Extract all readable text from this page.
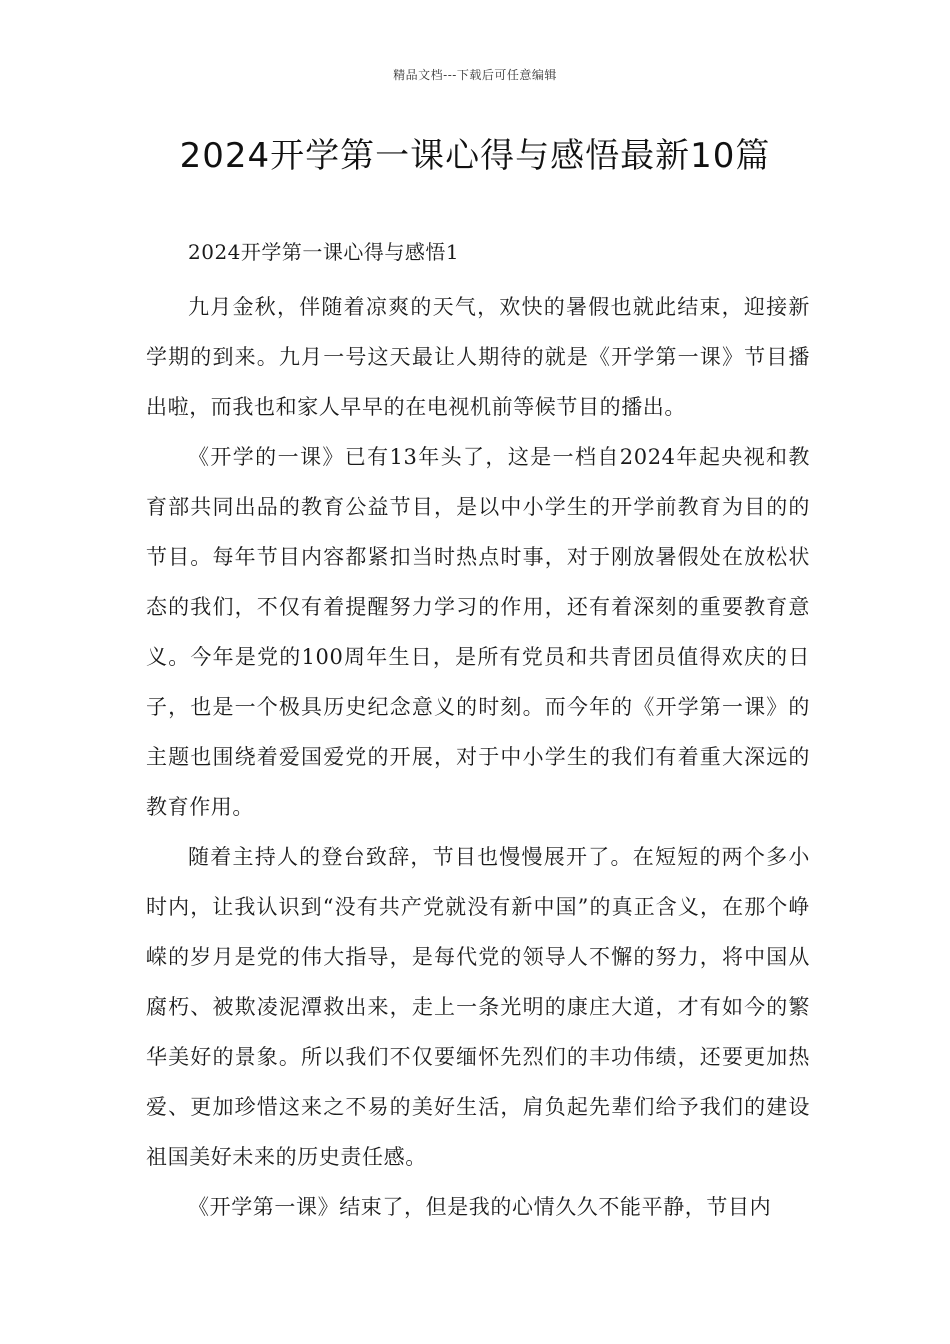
精品文档---下载后可任意编辑
2024开学第一课心得与感悟最新10篇

2024开学第一课心得与感悟1

九月金秋，伴随着凉爽的天气，欢快的暑假也就此结束，迎接新学期的到来。九月一号这天最让人期待的就是《开学第一课》节目播出啦，而我也和家人早早的在电视机前等候节目的播出。

《开学的一课》已有13年头了，这是一档自2024年起央视和教育部共同出品的教育公益节目，是以中小学生的开学前教育为目的的节目。每年节目内容都紧扣当时热点时事，对于刚放暑假处在放松状态的我们，不仅有着提醒努力学习的作用，还有着深刻的重要教育意义。今年是党的100周年生日，是所有党员和共青团员值得欢庆的日子，也是一个极具历史纪念意义的时刻。而今年的《开学第一课》的主题也围绕着爱国爱党的开展，对于中小学生的我们有着重大深远的教育作用。

随着主持人的登台致辞，节目也慢慢展开了。在短短的两个多小时内，让我认识到“没有共产党就没有新中国”的真正含义，在那个峥嵘的岁月是党的伟大指导，是每代党的领导人不懈的努力，将中国从腐朽、被欺凌泥潭救出来，走上一条光明的康庄大道，才有如今的繁华美好的景象。所以我们不仅要缅怀先烈们的丰功伟绩，还要更加热爱、更加珍惜这来之不易的美好生活，肩负起先辈们给予我们的建设祖国美好未来的历史责任感。

《开学第一课》结束了，但是我的心情久久不能平静，节目内
